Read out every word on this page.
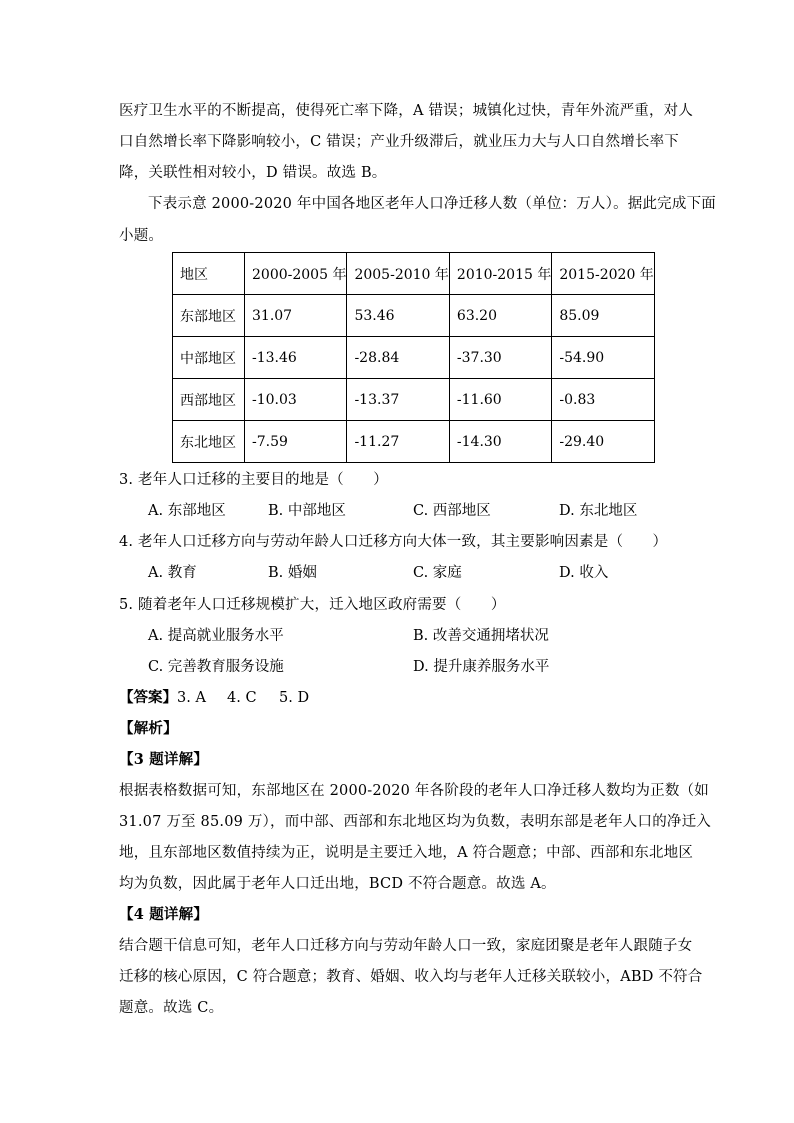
医疗卫生水平的不断提高，使得死亡率下降，A 错误；城镇化过快，青年外流严重，对人
口自然增长率下降影响较小，C 错误；产业升级滞后，就业压力大与人口自然增长率下
降，关联性相对较小，D 错误。故选 B。
下表示意 2000-2020 年中国各地区老年人口净迁移人数（单位：万人）。据此完成下面
小题。
地区	2000-2005 年	2005-2010 年	2010-2015 年	2015-2020 年
东部地区	31.07	53.46	63.20	85.09
中部地区	-13.46	-28.84	-37.30	-54.90
西部地区	-10.03	-13.37	-11.60	-0.83
东北地区	-7.59	-11.27	-14.30	-29.40
3. 老年人口迁移的主要目的地是（　　）
A. 东部地区	B. 中部地区	C. 西部地区	D. 东北地区
4. 老年人口迁移方向与劳动年龄人口迁移方向大体一致，其主要影响因素是（　　）
A. 教育	B. 婚姻	C. 家庭	D. 收入
5. 随着老年人口迁移规模扩大，迁入地区政府需要（　　）
A. 提高就业服务水平	B. 改善交通拥堵状况
C. 完善教育服务设施	D. 提升康养服务水平
【答案】3. A 4. C 5. D
【解析】
【3 题详解】
根据表格数据可知，东部地区在 2000-2020 年各阶段的老年人口净迁移人数均为正数（如
31.07 万至 85.09 万），而中部、西部和东北地区均为负数，表明东部是老年人口的净迁入
地，且东部地区数值持续为正，说明是主要迁入地，A 符合题意；中部、西部和东北地区
均为负数，因此属于老年人口迁出地，BCD 不符合题意。故选 A。
【4 题详解】
结合题干信息可知，老年人口迁移方向与劳动年龄人口一致，家庭团聚是老年人跟随子女
迁移的核心原因，C 符合题意；教育、婚姻、收入均与老年人迁移关联较小，ABD 不符合
题意。故选 C。
